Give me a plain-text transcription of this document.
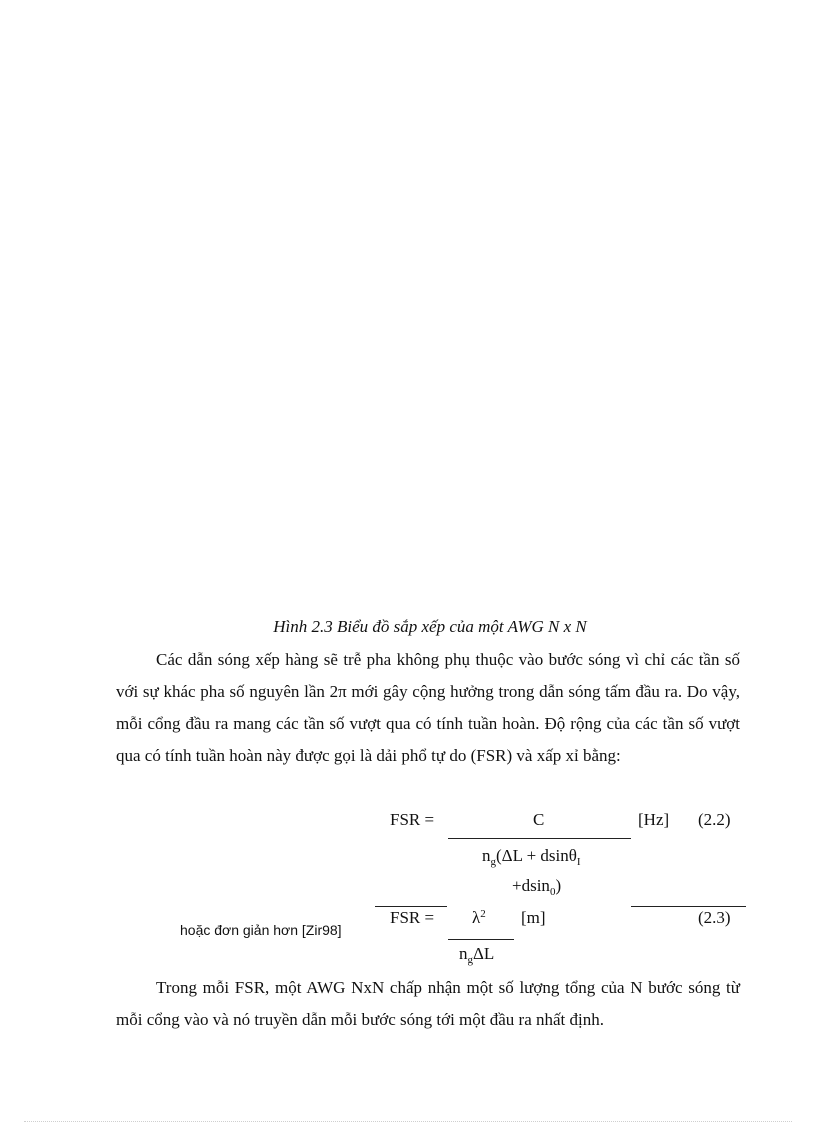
Hình 2.3 Biểu đồ sắp xếp của một AWG N x N
Các dẫn sóng xếp hàng sẽ trễ pha không phụ thuộc vào bước sóng vì chỉ các tần số với sự khác pha số nguyên lần 2π mới gây cộng hưởng trong dẫn sóng tấm đầu ra. Do vậy, mỗi cổng đầu ra mang các tần số vượt qua có tính tuần hoàn. Độ rộng của các tần số vượt qua có tính tuần hoàn này được gọi là dải phổ tự do (FSR) và xấp xỉ bằng:
FSR =	C
$n_g(\Delta L + dsin\theta_I$
+dsin$_0$)
[Hz] (2.2)
hoặc đơn giản hơn [Zir98]
FSR = $\lambda^2$
$n_g\Delta L$
[m]	(2.3)
Trong mỗi FSR, một AWG NxN chấp nhận một số lượng tổng của N bước sóng từ mỗi cổng vào và nó truyền dẫn mỗi bước sóng tới một đầu ra nhất định.
